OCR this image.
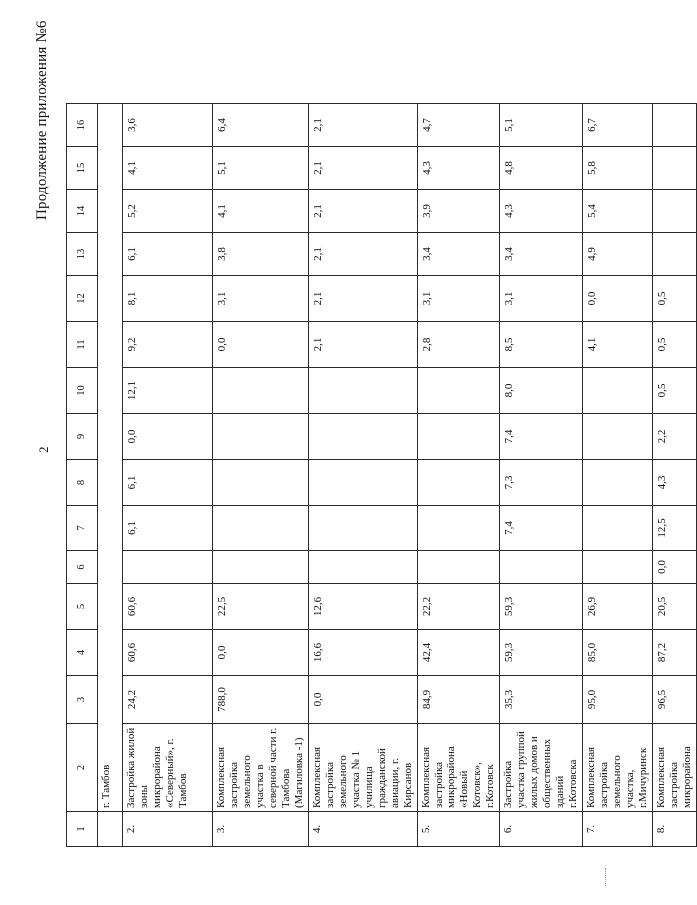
Продолжение приложения №6
2
1	2	3	4	5	6	7	8	9	10	11	12	13	14	15	16
	г. Тамбов														
2.	Застройка жилой зоны микрорайона «Северный», г. Тамбов	24,2	60,6	60,6		6,1	6,1	0,0	12,1	9,2	8,1	6,1	5,2	4,1	3,6
3.	Комплексная застройка земельного участка в северной части г. Тамбова (Магиловка -1)	788,0	0,0	22,5						0,0	3,1	3,8	4,1	5,1	6,4
4.	Комплексная застройка земельного участка № 1 училища гражданской авиации, г. Кирсанов	0,0	16,6	12,6						2,1	2,1	2,1	2,1	2,1	2,1
5.	Комплексная застройка микрорайона «Новый Котовск», г.Котовск	84,9	42,4	22,2						2,8	3,1	3,4	3,9	4,3	4,7
6.	Застройка участка группой жилых домов и общественных зданий г.Котовска	35,3	59,3	59,3		7,4	7,3	7,4	8,0	8,5	3,1	3,4	4,3	4,8	5,1
7.	Комплексная застройка земельного участка, г.Мичуринск	95,0	85,0	26,9						4,1	0,0	4,9	5,4	5,8	6,7
8.	Комплексная застройка микрорайона	96,5	87,2	20,5	0,0	12,5	4,3	2,2	0,5	0,5	0,5				
